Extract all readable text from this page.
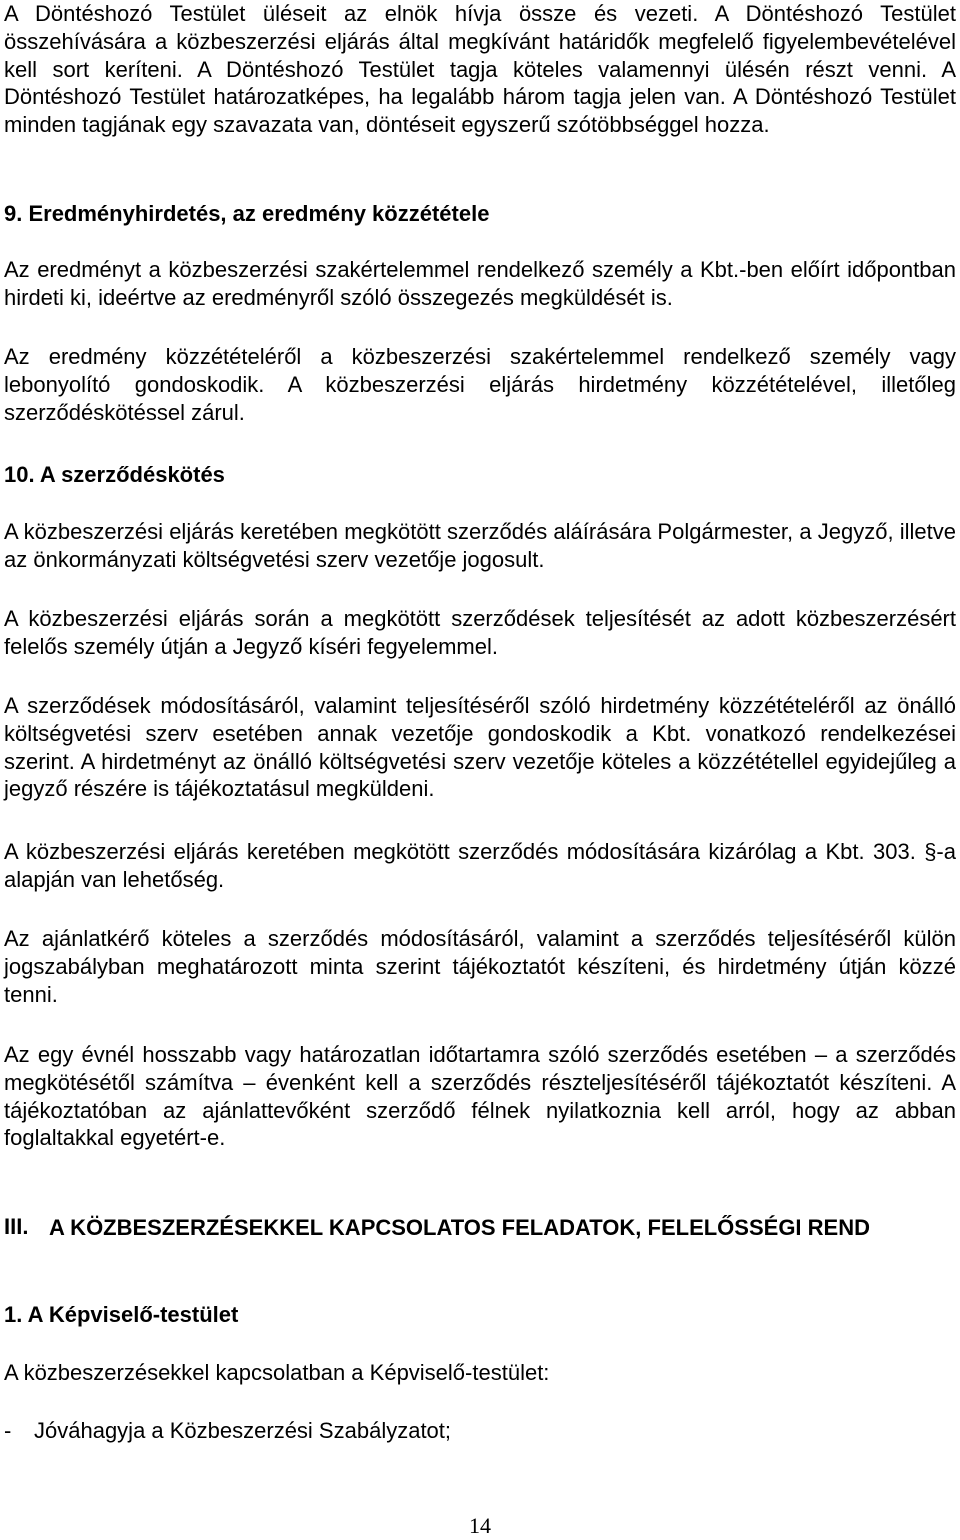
A Döntéshozó Testület üléseit az elnök hívja össze és vezeti. A Döntéshozó Testület összehívására a közbeszerzési eljárás által megkívánt határidők megfelelő figyelembevételével kell sort keríteni. A Döntéshozó Testület tagja köteles valamennyi ülésén részt venni. A Döntéshozó Testület határozatképes, ha legalább három tagja jelen van. A Döntéshozó Testület minden tagjának egy szavazata van, döntéseit egyszerű szótöbbséggel hozza.

9. Eredményhirdetés, az eredmény közzététele

Az eredményt a közbeszerzési szakértelemmel rendelkező személy a Kbt.-ben előírt időpontban hirdeti ki, ideértve az eredményről szóló összegezés megküldését is.

Az eredmény közzétételéről a közbeszerzési szakértelemmel rendelkező személy vagy lebonyolító gondoskodik. A közbeszerzési eljárás hirdetmény közzétételével, illetőleg szerződéskötéssel zárul.

10. A szerződéskötés

A közbeszerzési eljárás keretében megkötött szerződés aláírására Polgármester, a Jegyző, illetve az önkormányzati költségvetési szerv vezetője jogosult.

A közbeszerzési eljárás során a megkötött szerződések teljesítését az adott közbeszerzésért felelős személy útján a Jegyző kíséri fegyelemmel.

A szerződések módosításáról, valamint teljesítéséről szóló hirdetmény közzétételéről az önálló költségvetési szerv esetében annak vezetője gondoskodik a Kbt. vonatkozó rendelkezései szerint. A hirdetményt az önálló költségvetési szerv vezetője köteles a közzététellel egyidejűleg a jegyző részére is tájékoztatásul megküldeni.

A közbeszerzési eljárás keretében megkötött szerződés módosítására kizárólag a Kbt. 303. §-a alapján van lehetőség.

Az ajánlatkérő köteles a szerződés módosításáról, valamint a szerződés teljesítéséről külön jogszabályban meghatározott minta szerint tájékoztatót készíteni, és hirdetmény útján közzé tenni.

Az egy évnél hosszabb vagy határozatlan időtartamra szóló szerződés esetében – a szerződés megkötésétől számítva – évenként kell a szerződés részteljesítéséről tájékoztatót készíteni. A tájékoztatóban az ajánlattevőként szerződő félnek nyilatkoznia kell arról, hogy az abban foglaltakkal egyetért-e.

III. A KÖZBESZERZÉSEKKEL KAPCSOLATOS FELADATOK, FELELŐSSÉGI REND

1. A Képviselő-testület

A közbeszerzésekkel kapcsolatban a Képviselő-testület:

-	Jóváhagyja a Közbeszerzési Szabályzatot;
14
